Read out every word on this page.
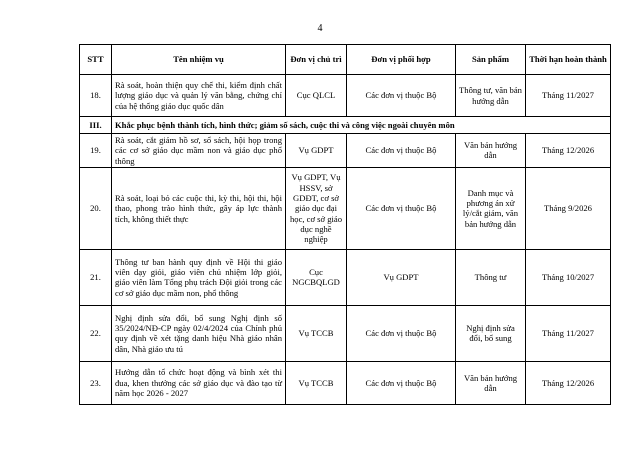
4
STT	Tên nhiệm vụ	Đơn vị chủ trì	Đơn vị phối hợp	Sản phẩm	Thời hạn hoàn thành
18.	Rà soát, hoàn thiện quy chế thi, kiểm định chất lượng giáo dục và quản lý văn bằng, chứng chỉ của hệ thống giáo dục quốc dân	Cục QLCL	Các đơn vị thuộc Bộ	Thông tư, văn bản hướng dẫn	Tháng 11/2027
III.	Khắc phục bệnh thành tích, hình thức; giảm số sách, cuộc thi và công việc ngoài chuyên môn				
19.	Rà soát, cắt giảm hồ sơ, sổ sách, hội họp trong các cơ sở giáo dục mầm non và giáo dục phổ thông	Vụ GDPT	Các đơn vị thuộc Bộ	Văn bản hướng dẫn	Tháng 12/2026
20.	Rà soát, loại bỏ các cuộc thi, kỳ thi, hội thi, hội thao, phong trào hình thức, gây áp lực thành tích, không thiết thực	Vụ GDPT, Vụ HSSV, sở GDĐT, cơ sở giáo dục đại học, cơ sở giáo dục nghề nghiệp	Các đơn vị thuộc Bộ	Danh mục và phương án xử lý/cắt giảm, văn bản hướng dẫn	Tháng 9/2026
21.	Thông tư ban hành quy định về Hội thi giáo viên dạy giỏi, giáo viên chủ nhiệm lớp giỏi, giáo viên làm Tổng phụ trách Đội giỏi trong các cơ sở giáo dục mầm non, phổ thông	Cục NGCBQLGD	Vụ GDPT	Thông tư	Tháng 10/2027
22.	Nghị định sửa đổi, bổ sung Nghị định số 35/2024/NĐ-CP ngày 02/4/2024 của Chính phủ quy định về xét tặng danh hiệu Nhà giáo nhân dân, Nhà giáo ưu tú	Vụ TCCB	Các đơn vị thuộc Bộ	Nghị định sửa đổi, bổ sung	Tháng 11/2027
23.	Hướng dẫn tổ chức hoạt động và bình xét thi đua, khen thưởng các sở giáo dục và đào tạo từ năm học 2026 - 2027	Vụ TCCB	Các đơn vị thuộc Bộ	Văn bản hướng dẫn	Tháng 12/2026
